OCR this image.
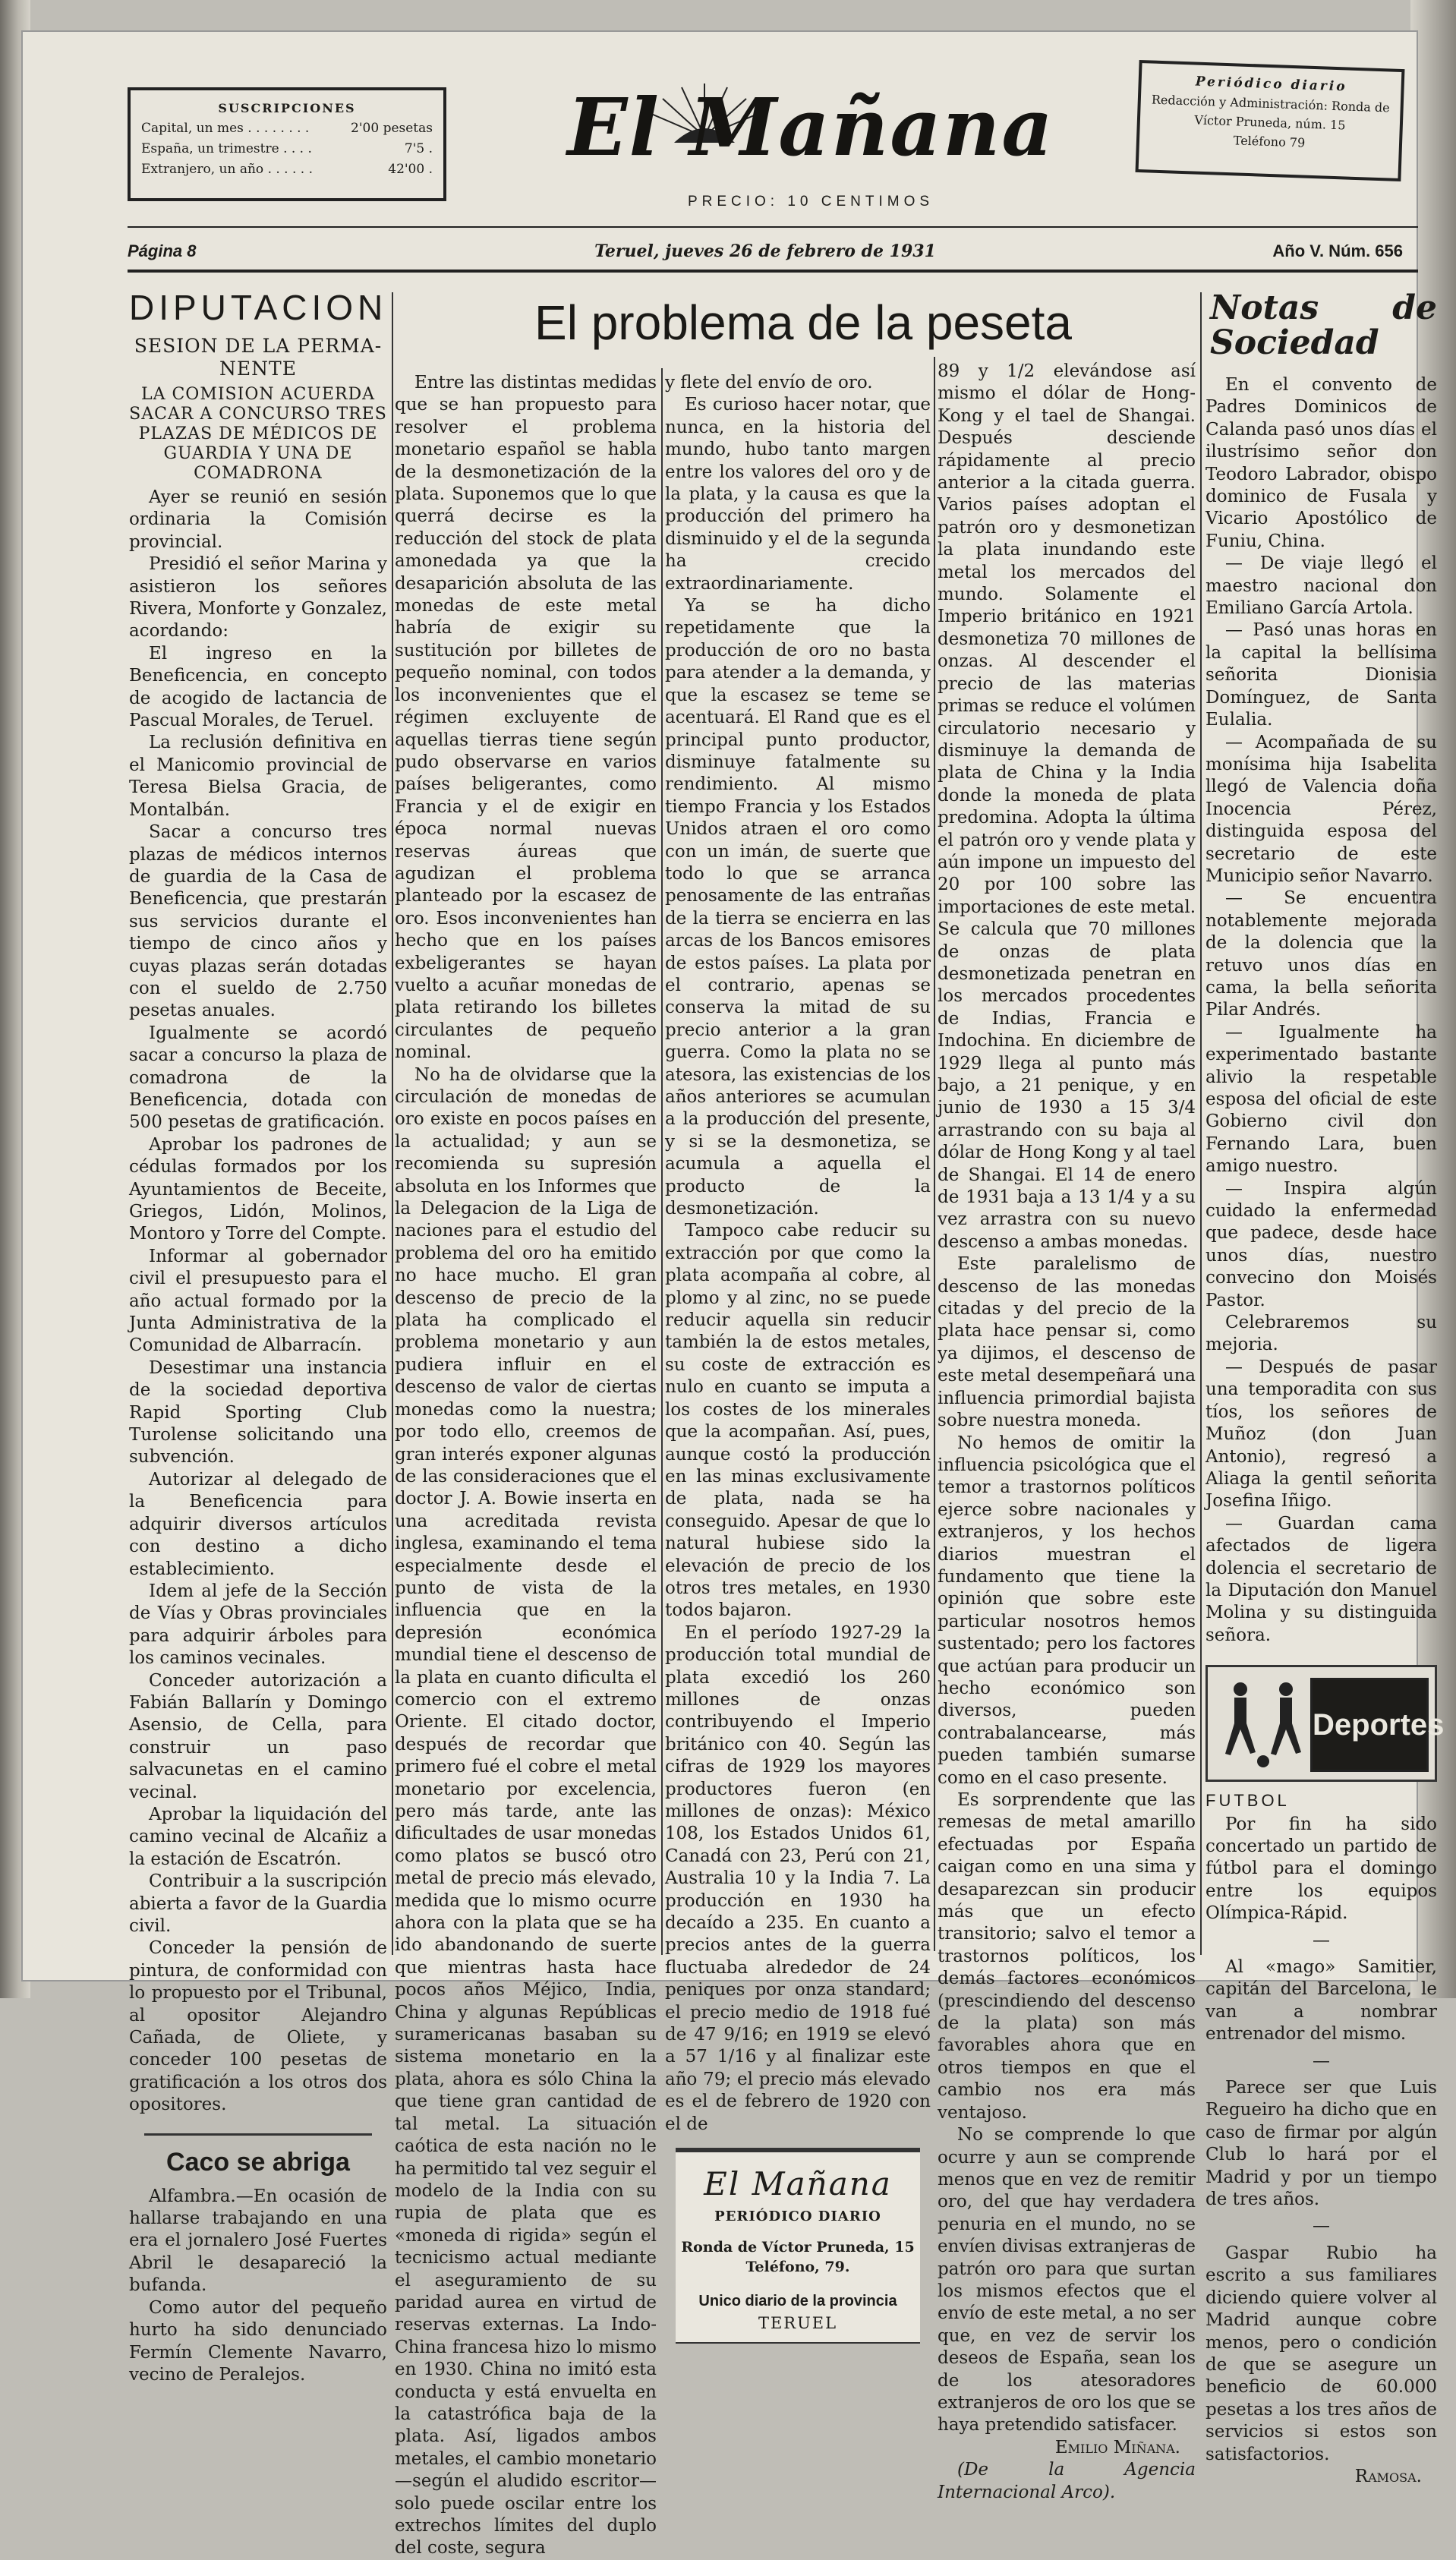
SUSCRIPCIONES
Capital, un mes . . . . . . . .	2'00 pesetas
España, un trimestre . . . .	7'5 .
Extranjero, un año . . . . . .	42'00 .	El Mañana	Periódico diario
Redacción y Administración: Ronda de
Víctor Pruneda, núm. 15
Teléfono 79
PRECIO: 10 CENTIMOS
Página 8	Teruel, jueves 26 de febrero de 1931	Año V. Núm. 656
El problema de la peseta
DIPUTACION
SESION DE LA PERMA-NENTE
LA COMISION ACUERDA SACAR A CONCURSO TRES PLAZAS DE MÉDICOS DE GUARDIA Y UNA DE COMADRONA

Ayer se reunió en sesión ordinaria la Comisión provincial.

Presidió el señor Marina y asistieron los señores Rivera, Monforte y Gonzalez, acordando:

El ingreso en la Beneficencia, en concepto de acogido de lactancia de Pascual Morales, de Teruel.

La reclusión definitiva en el Manicomio provincial de Teresa Bielsa Gracia, de Montalbán.

Sacar a concurso tres plazas de médicos internos de guardia de la Casa de Beneficencia, que prestarán sus servicios durante el tiempo de cinco años y cuyas plazas serán dotadas con el sueldo de 2.750 pesetas anuales.

Igualmente se acordó sacar a concurso la plaza de comadrona de la Beneficencia, dotada con 500 pesetas de gratificación.

Aprobar los padrones de cédulas formados por los Ayuntamientos de Beceite, Griegos, Lidón, Molinos, Montoro y Torre del Compte.

Informar al gobernador civil el presupuesto para el año actual formado por la Junta Administrativa de la Comunidad de Albarracín.

Desestimar una instancia de la sociedad deportiva Rapid Sporting Club Turolense solicitando una subvención.

Autorizar al delegado de la Beneficencia para adquirir diversos artículos con destino a dicho establecimiento.

Idem al jefe de la Sección de Vías y Obras provinciales para adquirir árboles para los caminos vecinales.

Conceder autorización a Fabián Ballarín y Domingo Asensio, de Cella, para construir un paso salvacunetas en el camino vecinal.

Aprobar la liquidación del camino vecinal de Alcañiz a la estación de Escatrón.

Contribuir a la suscripción abierta a favor de la Guardia civil.

Conceder la pensión de pintura, de conformidad con lo propuesto por el Tribunal, al opositor Alejandro Cañada, de Oliete, y conceder 100 pesetas de gratificación a los otros dos opositores.

Caco se abriga

Alfambra.—En ocasión de hallarse trabajando en una era el jornalero José Fuertes Abril le desapareció la bufanda.

Como autor del pequeño hurto ha sido denunciado Fermín Clemente Navarro, vecino de Peralejos.

Entre las distintas medidas que se han propuesto para resolver el problema monetario español se habla de la desmonetización de la plata. Suponemos que lo que querrá decirse es la reducción del stock de plata amonedada ya que la desaparición absoluta de las monedas de este metal habría de exigir su sustitución por billetes de pequeño nominal, con todos los inconvenientes que el régimen excluyente de aquellas tierras tiene según pudo observarse en varios países beligerantes, como Francia y el de exigir en época normal nuevas reservas áureas que agudizan el problema planteado por la escasez de oro. Esos inconvenientes han hecho que en los países exbeligerantes se hayan vuelto a acuñar monedas de plata retirando los billetes circulantes de pequeño nominal.

No ha de olvidarse que la circulación de monedas de oro existe en pocos países en la actualidad; y aun se recomienda su supresión absoluta en los Informes que la Delegacion de la Liga de naciones para el estudio del problema del oro ha emitido no hace mucho. El gran descenso de precio de la plata ha complicado el problema monetario y aun pudiera influir en el descenso de valor de ciertas monedas como la nuestra; por todo ello, creemos de gran interés exponer algunas de las consideraciones que el doctor J. A. Bowie inserta en una acreditada revista inglesa, examinando el tema especialmente desde el punto de vista de la influencia que en la depresión económica mundial tiene el descenso de la plata en cuanto dificulta el comercio con el extremo Oriente. El citado doctor, después de recordar que primero fué el cobre el metal monetario por excelencia, pero más tarde, ante las dificultades de usar monedas como platos se buscó otro metal de precio más elevado, medida que lo mismo ocurre ahora con la plata que se ha ido abandonando de suerte que mientras hasta hace pocos años Méjico, India, China y algunas Repúblicas suramericanas basaban su sistema monetario en la plata, ahora es sólo China la que tiene gran cantidad de tal metal. La situación caótica de esta nación no le ha permitido tal vez seguir el modelo de la India con su rupia de plata que es «moneda di rigida» según el tecnicismo actual mediante el aseguramiento de su paridad aurea en virtud de reservas externas. La Indo-China francesa hizo lo mismo en 1930. China no imitó esta conducta y está envuelta en la catastrófica baja de la plata. Así, ligados ambos metales, el cambio monetario—según el aludido escritor—solo puede oscilar entre los extrechos límites del duplo del coste, segura

y flete del envío de oro.

Es curioso hacer notar, que nunca, en la historia del mundo, hubo tanto margen entre los valores del oro y de la plata, y la causa es que la producción del primero ha disminuido y el de la segunda ha crecido extraordinariamente.

Ya se ha dicho repetidamente que la producción de oro no basta para atender a la demanda, y que la escasez se teme se acentuará. El Rand que es el principal punto productor, disminuye fatalmente su rendimiento. Al mismo tiempo Francia y los Estados Unidos atraen el oro como con un imán, de suerte que todo lo que se arranca penosamente de las entrañas de la tierra se encierra en las arcas de los Bancos emisores de estos países. La plata por el contrario, apenas se conserva la mitad de su precio anterior a la gran guerra. Como la plata no se atesora, las existencias de los años anteriores se acumulan a la producción del presente, y si se la desmonetiza, se acumula a aquella el producto de la desmonetización.

Tampoco cabe reducir su extracción por que como la plata acompaña al cobre, al plomo y al zinc, no se puede reducir aquella sin reducir también la de estos metales, su coste de extracción es nulo en cuanto se imputa a los costes de los minerales que la acompañan. Así, pues, aunque costó la producción en las minas exclusivamente de plata, nada se ha conseguido. Apesar de que lo natural hubiese sido la elevación de precio de los otros tres metales, en 1930 todos bajaron.

En el período 1927-29 la producción total mundial de plata excedió los 260 millones de onzas contribuyendo el Imperio británico con 40. Según las cifras de 1929 los mayores productores fueron (en millones de onzas): México 108, los Estados Unidos 61, Canadá con 23, Perú con 21, Australia 10 y la India 7. La producción en 1930 ha decaído a 235. En cuanto a precios antes de la guerra fluctuaba alrededor de 24 peniques por onza standard; el precio medio de 1918 fué de 47 9/16; en 1919 se elevó a 57 1/16 y al finalizar este año 79; el precio más elevado es el de febrero de 1920 con el de

El Mañana
PERIÓDICO DIARIO
Ronda de Víctor Pruneda, 15
Teléfono, 79.
Unico diario de la provincia
TERUEL

89 y 1/2 elevándose así mismo el dólar de Hong-Kong y el tael de Shangai. Después desciende rápidamente al precio anterior a la citada guerra. Varios países adoptan el patrón oro y desmonetizan la plata inundando este metal los mercados del mundo. Solamente el Imperio británico en 1921 desmonetiza 70 millones de onzas. Al descender el precio de las materias primas se reduce el volúmen circulatorio necesario y disminuye la demanda de plata de China y la India donde la moneda de plata predomina. Adopta la última el patrón oro y vende plata y aún impone un impuesto del 20 por 100 sobre las importaciones de este metal. Se calcula que 70 millones de onzas de plata desmonetizada penetran en los mercados procedentes de Indias, Francia e Indochina. En diciembre de 1929 llega al punto más bajo, a 21 penique, y en junio de 1930 a 15 3/4 arrastrando con su baja al dólar de Hong Kong y al tael de Shangai. El 14 de enero de 1931 baja a 13 1/4 y a su vez arrastra con su nuevo descenso a ambas monedas.

Este paralelismo de descenso de las monedas citadas y del precio de la plata hace pensar si, como ya dijimos, el descenso de este metal desempeñará una influencia primordial bajista sobre nuestra moneda.

No hemos de omitir la influencia psicológica que el temor a trastornos políticos ejerce sobre nacionales y extranjeros, y los hechos diarios muestran el fundamento que tiene la opinión que sobre este particular nosotros hemos sustentado; pero los factores que actúan para producir un hecho económico son diversos, pueden contrabalancearse, más pueden también sumarse como en el caso presente.

Es sorprendente que las remesas de metal amarillo efectuadas por España caigan como en una sima y desaparezcan sin producir más que un efecto transitorio; salvo el temor a trastornos políticos, los demás factores económicos (prescindiendo del descenso de la plata) son más favorables ahora que en otros tiempos en que el cambio nos era más ventajoso.

No se comprende lo que ocurre y aun se comprende menos que en vez de remitir oro, del que hay verdadera penuria en el mundo, no se envíen divisas extranjeras de patrón oro para que surtan los mismos efectos que el envío de este metal, a no ser que, en vez de servir los deseos de España, sean los de los atesoradores extranjeros de oro los que se haya pretendido satisfacer.

Emilio Miñana.

(De la Agencia Internacional Arco).

Notas de Sociedad

En el convento de Padres Dominicos de Calanda pasó unos días el ilustrísimo señor don Teodoro Labrador, obispo dominico de Fusala y Vicario Apostólico de Funiu, China.

— De viaje llegó el maestro nacional don Emiliano García Artola.

— Pasó unas horas en la capital la bellísima señorita Dionisia Domínguez, de Santa Eulalia.

— Acompañada de su monísima hija Isabelita llegó de Valencia doña Inocencia Pérez, distinguida esposa del secretario de este Municipio señor Navarro.

— Se encuentra notablemente mejorada de la dolencia que la retuvo unos días en cama, la bella señorita Pilar Andrés.

— Igualmente ha experimentado bastante alivio la respetable esposa del oficial de este Gobierno civil don Fernando Lara, buen amigo nuestro.

— Inspira algún cuidado la enfermedad que padece, desde hace unos días, nuestro convecino don Moisés Pastor.

Celebraremos su mejoria.

— Después de pasar una temporadita con sus tíos, los señores de Muñoz (don Juan Antonio), regresó a Aliaga la gentil señorita Josefina Iñigo.

— Guardan cama afectados de ligera dolencia el secretario de la Diputación don Manuel Molina y su distinguida señora.

Deportes
FUTBOL

Por fin ha sido concertado un partido de fútbol para el domingo entre los equipos Olímpica-Rápid.

—

Al «mago» Samitier, capitán del Barcelona, le van a nombrar entrenador del mismo.

—

Parece ser que Luis Regueiro ha dicho que en caso de firmar por algún Club lo hará por el Madrid y por un tiempo de tres años.

—

Gaspar Rubio ha escrito a sus familiares diciendo quiere volver al Madrid aunque cobre menos, pero o condición de que se asegure un beneficio de 60.000 pesetas a los tres años de servicios si estos son satisfactorios.

Ramosa.
